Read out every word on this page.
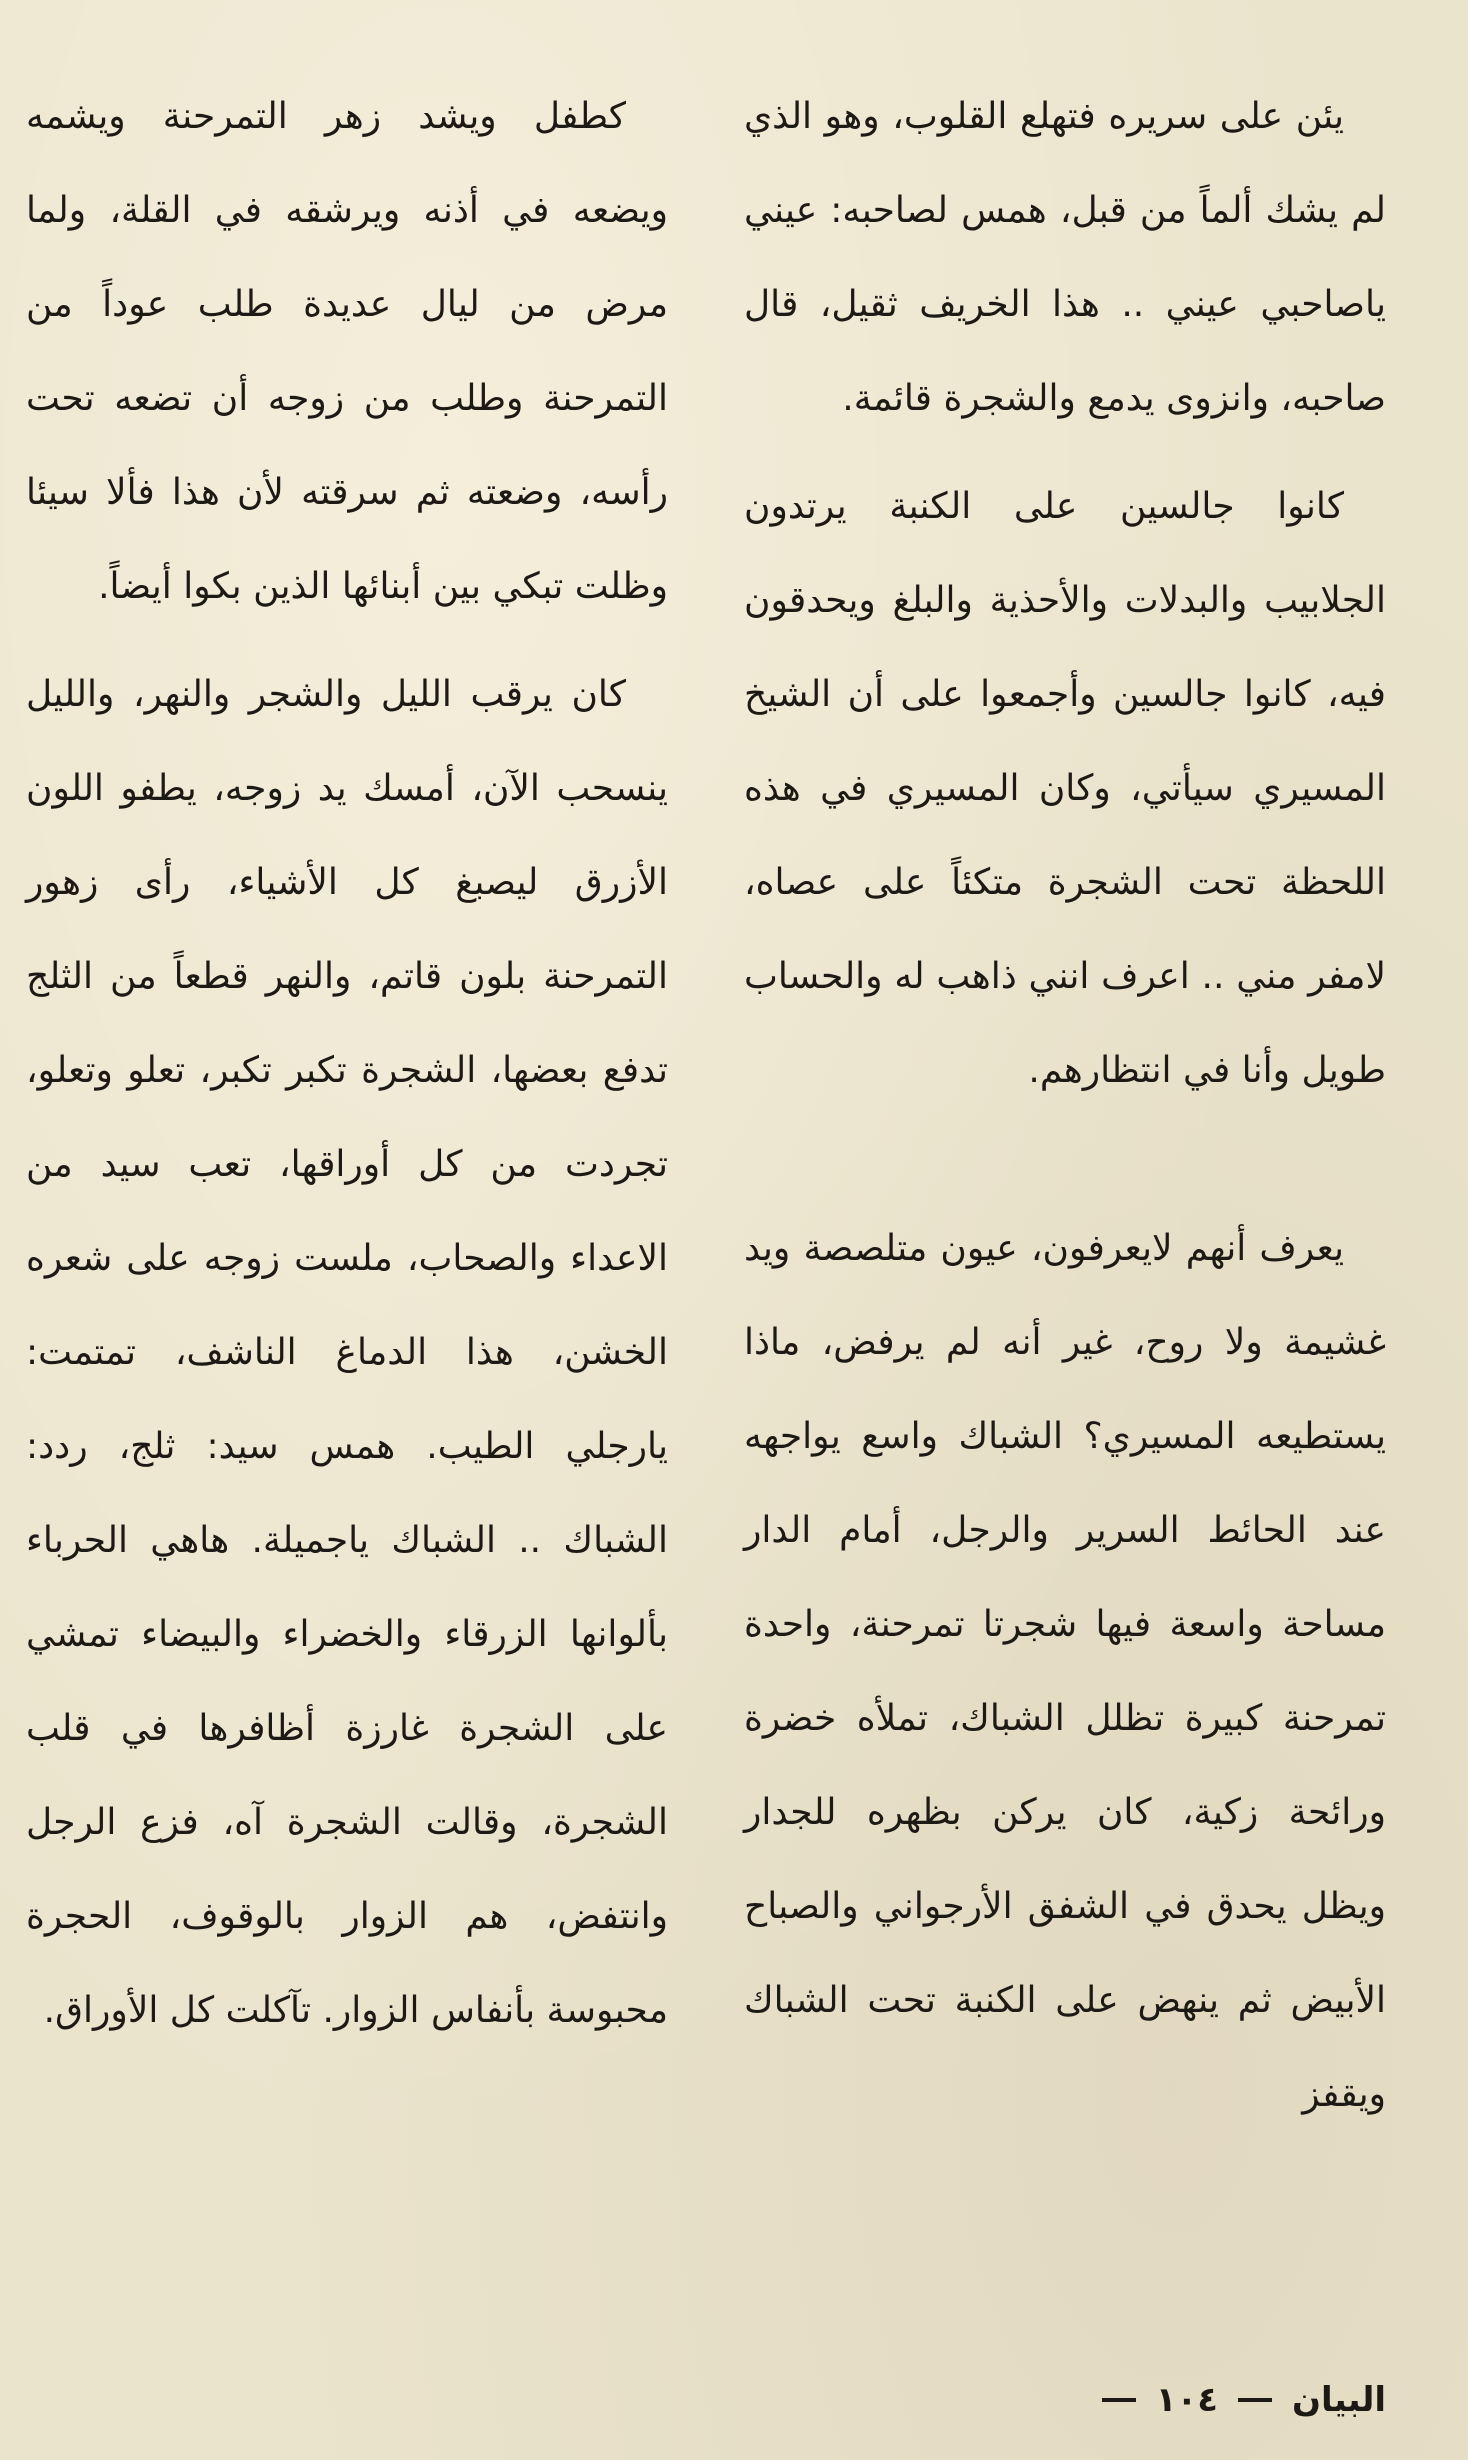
يئن على سريره فتهلع القلوب، وهو الذي لم يشك ألماً من قبل، همس لصاحبه: عيني ياصاحبي عيني .. هذا الخريف ثقيل، قال صاحبه، وانزوى يدمع والشجرة قائمة.

كانوا جالسين على الكنبة يرتدون الجلابيب والبدلات والأحذية والبلغ ويحدقون فيه، كانوا جالسين وأجمعوا على أن الشيخ المسيري سيأتي، وكان المسيري في هذه اللحظة تحت الشجرة متكئاً على عصاه، لامفر مني .. اعرف انني ذاهب له والحساب طويل وأنا في انتظارهم.

يعرف أنهم لايعرفون، عيون متلصصة ويد غشيمة ولا روح، غير أنه لم يرفض، ماذا يستطيعه المسيري؟ الشباك واسع يواجهه عند الحائط السرير والرجل، أمام الدار مساحة واسعة فيها شجرتا تمرحنة، واحدة تمرحنة كبيرة تظلل الشباك، تملأه خضرة ورائحة زكية، كان يركن بظهره للجدار ويظل يحدق في الشفق الأرجواني والصباح الأبيض ثم ينهض على الكنبة تحت الشباك ويقفز

كطفل ويشد زهر التمرحنة ويشمه ويضعه في أذنه ويرشقه في القلة، ولما مرض من ليال عديدة طلب عوداً من التمرحنة وطلب من زوجه أن تضعه تحت رأسه، وضعته ثم سرقته لأن هذا فألا سيئا وظلت تبكي بين أبنائها الذين بكوا أيضاً.

كان يرقب الليل والشجر والنهر، والليل ينسحب الآن، أمسك يد زوجه، يطفو اللون الأزرق ليصبغ كل الأشياء، رأى زهور التمرحنة بلون قاتم، والنهر قطعاً من الثلج تدفع بعضها، الشجرة تكبر تكبر، تعلو وتعلو، تجردت من كل أوراقها، تعب سيد من الاعداء والصحاب، ملست زوجه على شعره الخشن، هذا الدماغ الناشف، تمتمت: يارجلي الطيب. همس سيد: ثلج، ردد: الشباك .. الشباك ياجميلة. هاهي الحرباء بألوانها الزرقاء والخضراء والبيضاء تمشي على الشجرة غارزة أظافرها في قلب الشجرة، وقالت الشجرة آه، فزع الرجل وانتفض، هم الزوار بالوقوف، الحجرة محبوسة بأنفاس الزوار. تآكلت كل الأوراق.

البيان
١٠٤
